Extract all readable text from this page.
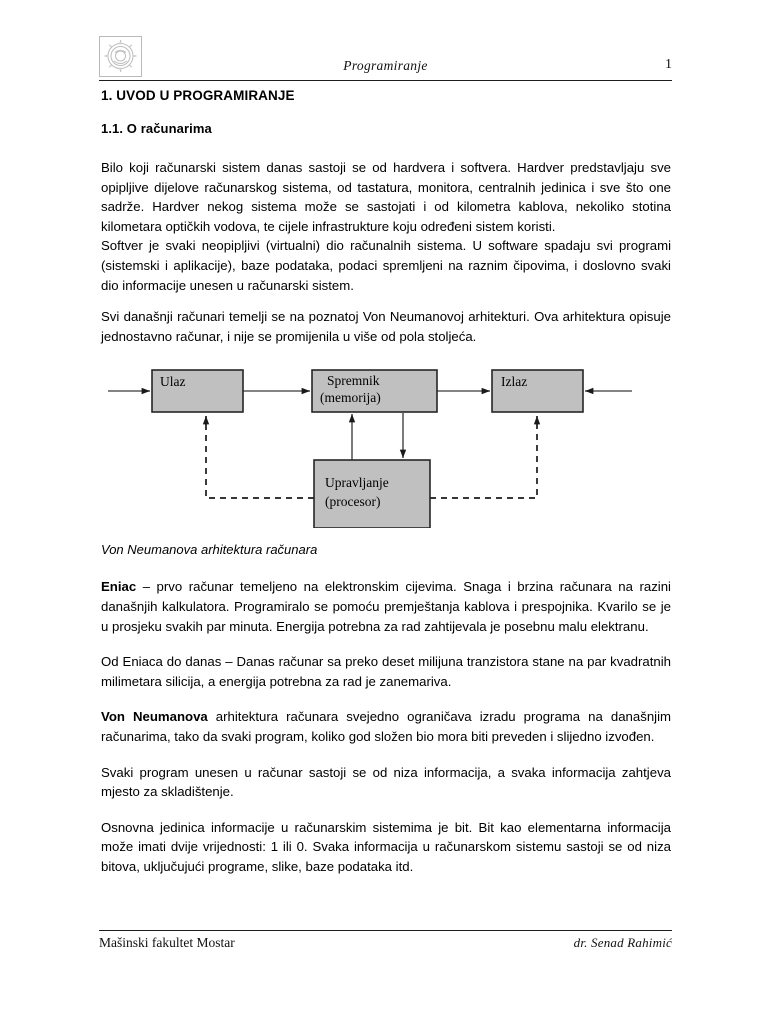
Programiranje	1
1. UVOD U PROGRAMIRANJE
1.1. O računarima

Bilo koji računarski sistem danas sastoji se od hardvera i softvera. Hardver predstavljaju sve opipljive dijelove računarskog sistema, od tastatura, monitora, centralnih jedinica i sve što one sadrže. Hardver nekog sistema može se sastojati i od kilometra kablova, nekoliko stotina kilometara optičkih vodova, te cijele infrastrukture koju određeni sistem koristi.

Softver je svaki neopipljivi (virtualni) dio računalnih sistema. U software spadaju svi programi (sistemski i aplikacije), baze podataka, podaci spremljeni na raznim čipovima, i doslovno svaki dio informacije unesen u računarski sistem.

Svi današnji računari temelji se na poznatoj Von Neumanovoj arhitekturi. Ova arhitektura opisuje jednostavno računar, i nije se promijenila u više od pola stoljeća.

Ulaz	Spremnik
(memorija)
Izlaz
Upravljanje
(procesor)

Von Neumanova arhitektura računara

Eniac – prvo računar temeljeno na elektronskim cijevima. Snaga i brzina računara na razini današnjih kalkulatora. Programiralo se pomoću premještanja kablova i prespojnika. Kvarilo se je u prosjeku svakih par minuta. Energija potrebna za rad zahtijevala je posebnu malu elektranu.

Od Eniaca do danas – Danas računar sa preko deset milijuna tranzistora stane na par kvadratnih milimetara silicija, a energija potrebna za rad je zanemariva.

Von Neumanova arhitektura računara svejedno ograničava izradu programa na današnjim računarima, tako da svaki program, koliko god složen bio mora biti preveden i slijedno izvođen.

Svaki program unesen u računar sastoji se od niza informacija, a svaka informacija zahtjeva mjesto za skladištenje.

Osnovna jedinica informacije u računarskim sistemima je bit. Bit kao elementarna informacija može imati dvije vrijednosti: 1 ili 0. Svaka informacija u računarskom sistemu sastoji se od niza bitova, uključujući programe, slike, baze podataka itd.

Mašinski fakultet Mostar	dr. Senad Rahimić
